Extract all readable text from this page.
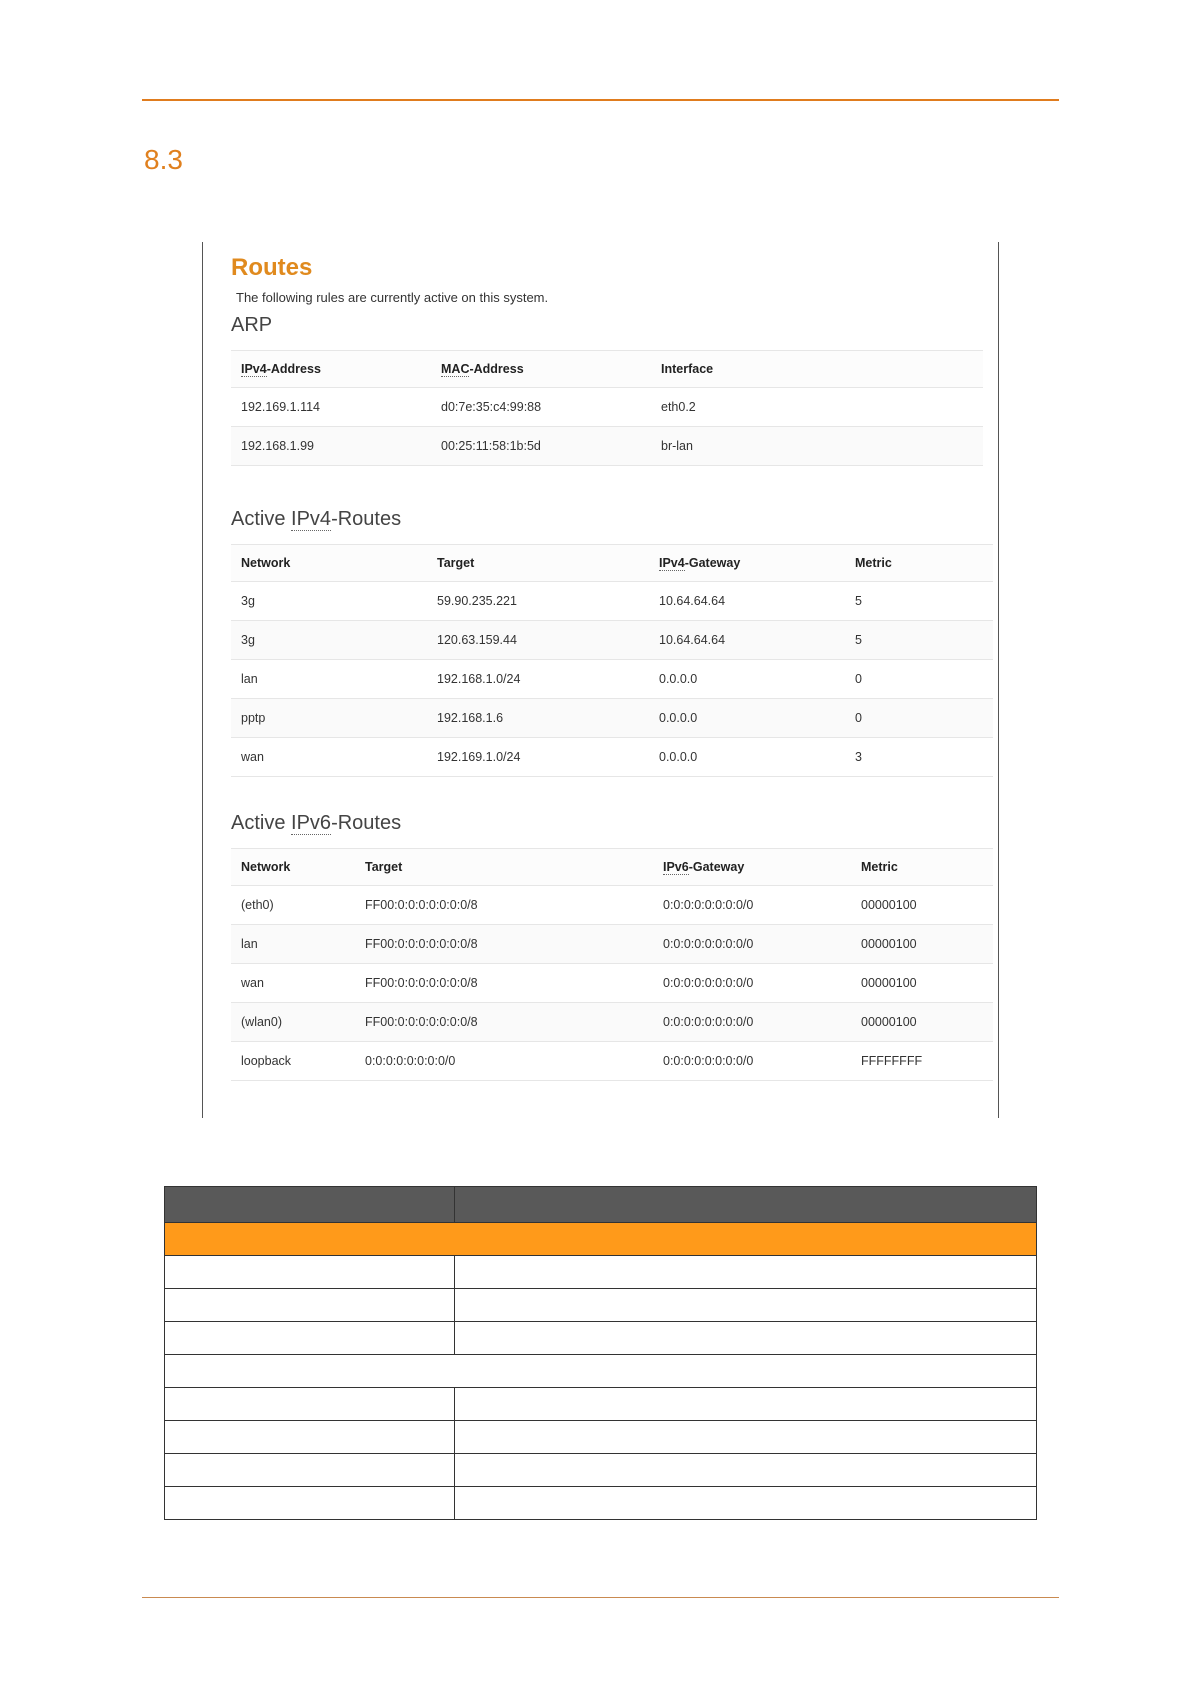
8.3
Routes
The following rules are currently active on this system.
ARP
IPv4-Address	MAC-Address	Interface
192.169.1.114	d0:7e:35:c4:99:88	eth0.2
192.168.1.99	00:25:11:58:1b:5d	br-lan
Active IPv4-Routes
Network	Target	IPv4-Gateway	Metric
3g	59.90.235.221	10.64.64.64	5
3g	120.63.159.44	10.64.64.64	5
lan	192.168.1.0/24	0.0.0.0	0
pptp	192.168.1.6	0.0.0.0	0
wan	192.169.1.0/24	0.0.0.0	3
Active IPv6-Routes
Network	Target	IPv6-Gateway	Metric
(eth0)	FF00:0:0:0:0:0:0:0/8	0:0:0:0:0:0:0:0/0	00000100
lan	FF00:0:0:0:0:0:0:0/8	0:0:0:0:0:0:0:0/0	00000100
wan	FF00:0:0:0:0:0:0:0/8	0:0:0:0:0:0:0:0/0	00000100
(wlan0)	FF00:0:0:0:0:0:0:0/8	0:0:0:0:0:0:0:0/0	00000100
loopback	0:0:0:0:0:0:0:0/0	0:0:0:0:0:0:0:0/0	FFFFFFFF
